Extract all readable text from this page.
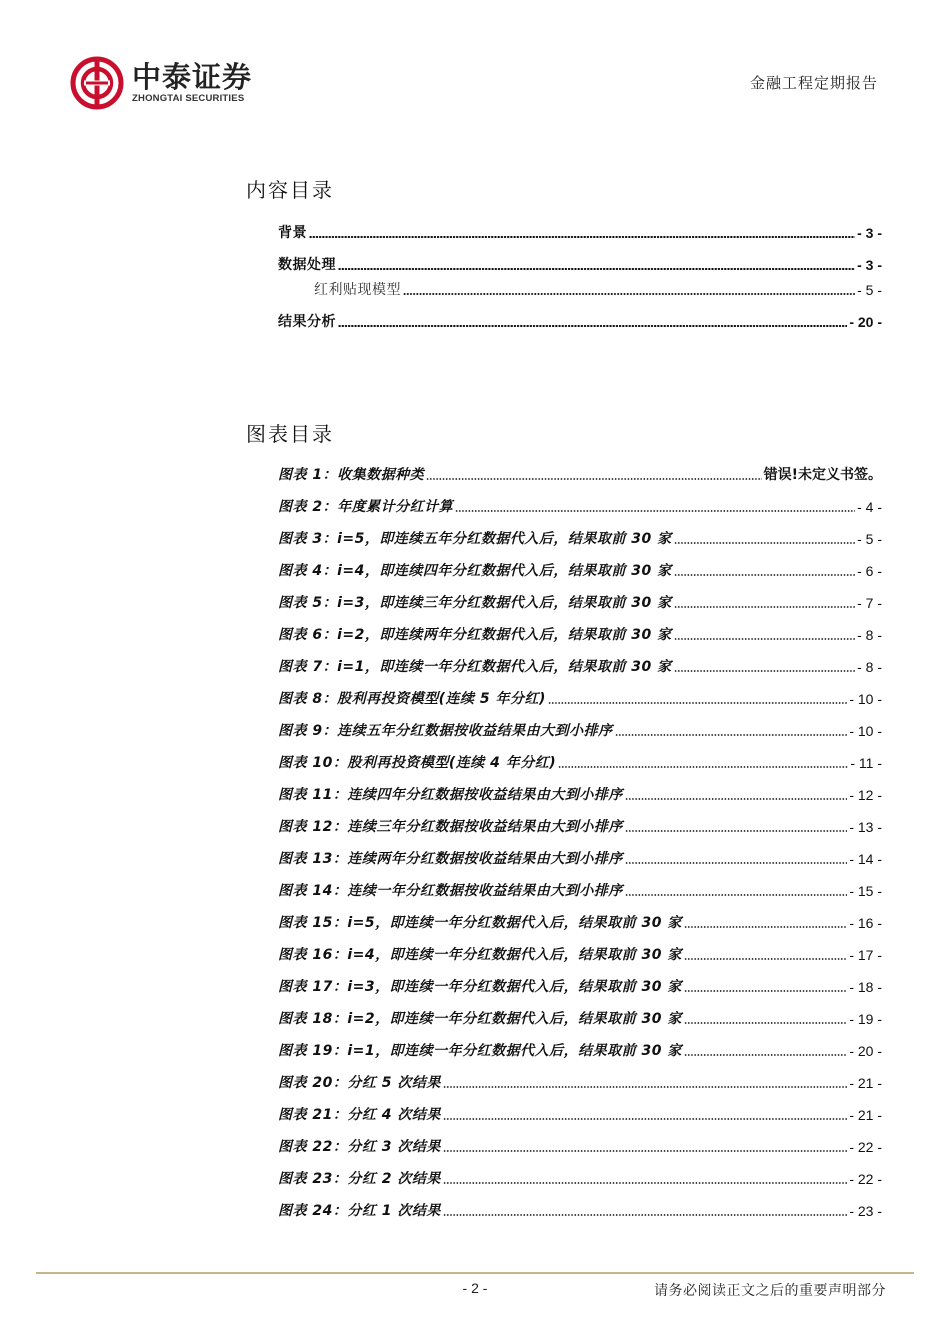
中泰证券
ZHONGTAI SECURITIES
金融工程定期报告
内容目录
背景	- 3 -
数据处理	- 3 -
红利贴现模型	- 5 -
结果分析	- 20 -
图表目录
图表 1：收集数据种类	错误!未定义书签。
图表 2：年度累计分红计算	- 4 -
图表 3：i=5，即连续五年分红数据代入后，结果取前 30 家	- 5 -
图表 4：i=4，即连续四年分红数据代入后，结果取前 30 家	- 6 -
图表 5：i=3，即连续三年分红数据代入后，结果取前 30 家	- 7 -
图表 6：i=2，即连续两年分红数据代入后，结果取前 30 家	- 8 -
图表 7：i=1，即连续一年分红数据代入后，结果取前 30 家	- 8 -
图表 8：股利再投资模型(连续 5 年分红)	- 10 -
图表 9：连续五年分红数据按收益结果由大到小排序	- 10 -
图表 10：股利再投资模型(连续 4 年分红)	- 11 -
图表 11：连续四年分红数据按收益结果由大到小排序	- 12 -
图表 12：连续三年分红数据按收益结果由大到小排序	- 13 -
图表 13：连续两年分红数据按收益结果由大到小排序	- 14 -
图表 14：连续一年分红数据按收益结果由大到小排序	- 15 -
图表 15：i=5，即连续一年分红数据代入后，结果取前 30 家	- 16 -
图表 16：i=4，即连续一年分红数据代入后，结果取前 30 家	- 17 -
图表 17：i=3，即连续一年分红数据代入后，结果取前 30 家	- 18 -
图表 18：i=2，即连续一年分红数据代入后，结果取前 30 家	- 19 -
图表 19：i=1，即连续一年分红数据代入后，结果取前 30 家	- 20 -
图表 20：分红 5 次结果	- 21 -
图表 21：分红 4 次结果	- 21 -
图表 22：分红 3 次结果	- 22 -
图表 23：分红 2 次结果	- 22 -
图表 24：分红 1 次结果	- 23 -
- 2 -	请务必阅读正文之后的重要声明部分
